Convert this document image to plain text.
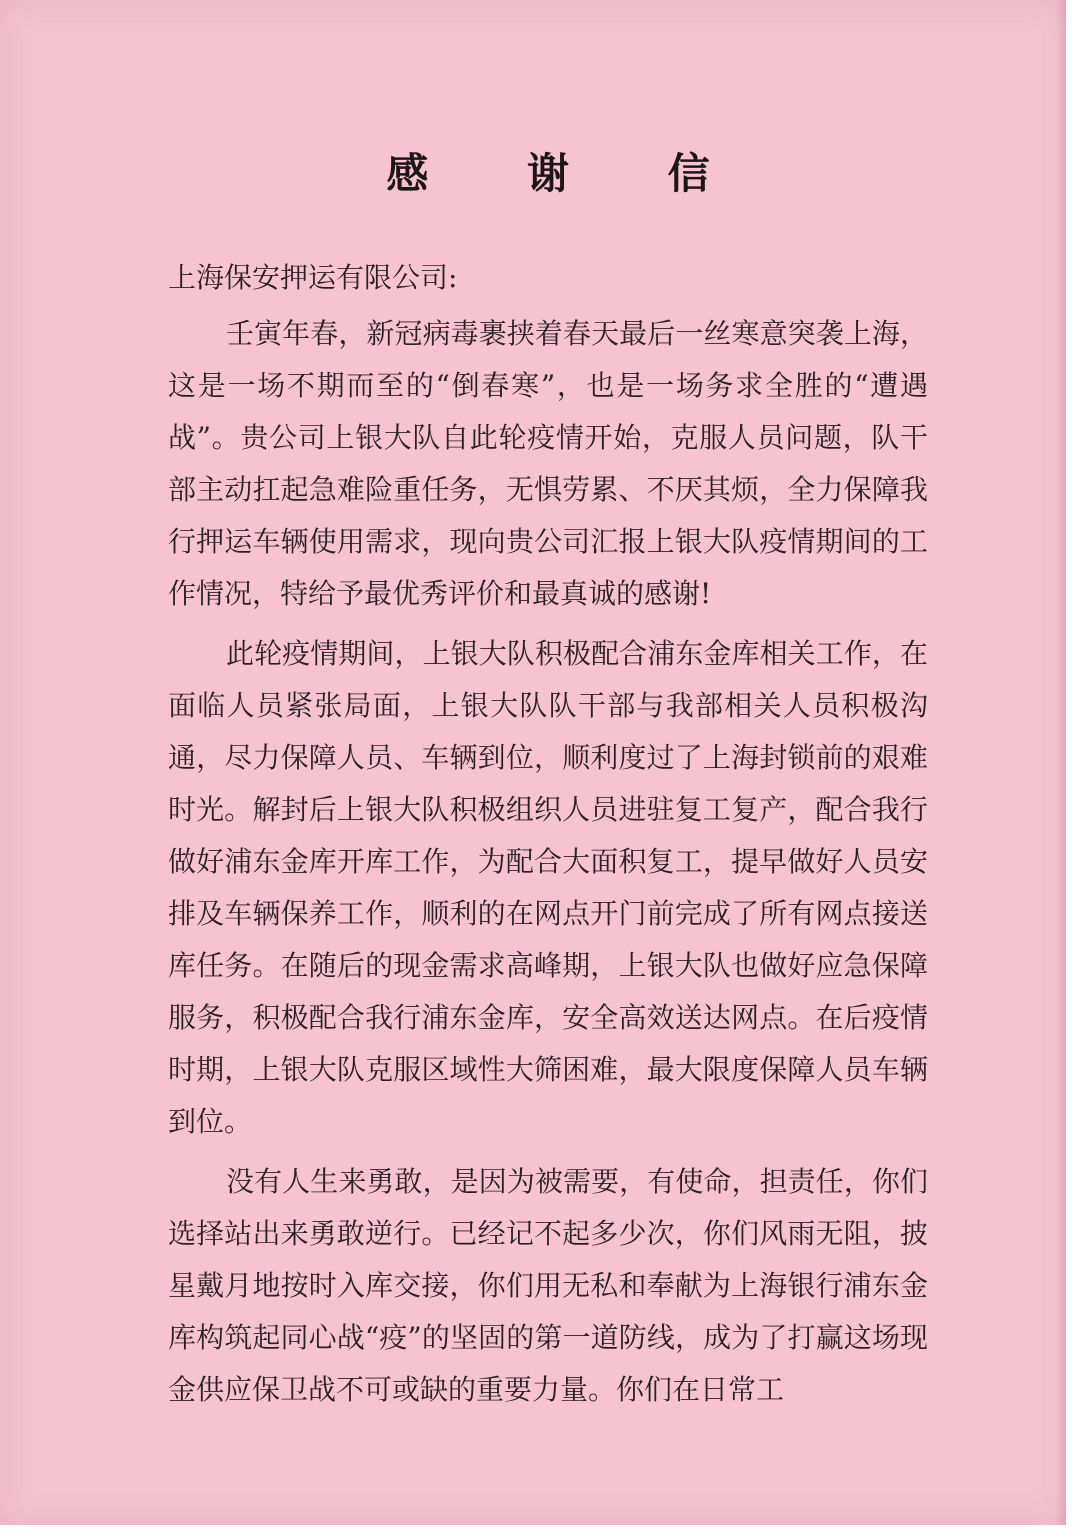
感 谢 信
上海保安押运有限公司:

壬寅年春，新冠病毒裹挟着春天最后一丝寒意突袭上海，这是一场不期而至的“倒春寒”，也是一场务求全胜的“遭遇战”。贵公司上银大队自此轮疫情开始，克服人员问题，队干部主动扛起急难险重任务，无惧劳累、不厌其烦，全力保障我行押运车辆使用需求，现向贵公司汇报上银大队疫情期间的工作情况，特给予最优秀评价和最真诚的感谢!

此轮疫情期间，上银大队积极配合浦东金库相关工作，在面临人员紧张局面，上银大队队干部与我部相关人员积极沟通，尽力保障人员、车辆到位，顺利度过了上海封锁前的艰难时光。解封后上银大队积极组织人员进驻复工复产，配合我行做好浦东金库开库工作，为配合大面积复工，提早做好人员安排及车辆保养工作，顺利的在网点开门前完成了所有网点接送库任务。在随后的现金需求高峰期，上银大队也做好应急保障服务，积极配合我行浦东金库，安全高效送达网点。在后疫情时期，上银大队克服区域性大筛困难，最大限度保障人员车辆到位。

没有人生来勇敢，是因为被需要，有使命，担责任，你们选择站出来勇敢逆行。已经记不起多少次，你们风雨无阻，披星戴月地按时入库交接，你们用无私和奉献为上海银行浦东金库构筑起同心战“疫”的坚固的第一道防线，成为了打赢这场现金供应保卫战不可或缺的重要力量。你们在日常工
